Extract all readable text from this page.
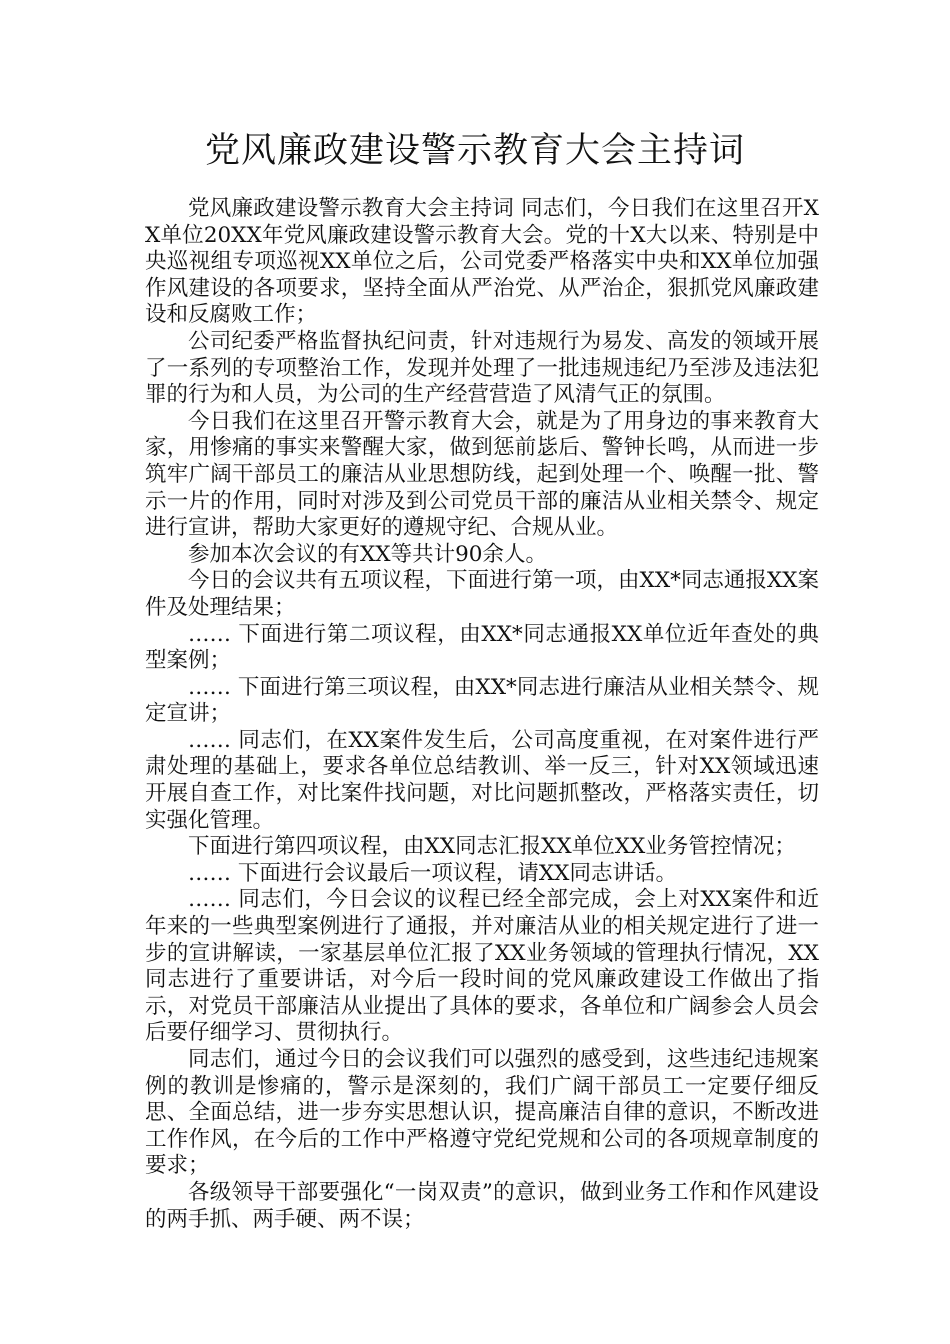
党风廉政建设警示教育大会主持词

党风廉政建设警示教育大会主持词 同志们，今日我们在这里召开XX单位20XX年党风廉政建设警示教育大会。党的十X大以来、特别是中央巡视组专项巡视XX单位之后，公司党委严格落实中央和XX单位加强作风建设的各项要求，坚持全面从严治党、从严治企，狠抓党风廉政建设和反腐败工作；

公司纪委严格监督执纪问责，针对违规行为易发、高发的领域开展了一系列的专项整治工作，发现并处理了一批违规违纪乃至涉及违法犯罪的行为和人员，为公司的生产经营营造了风清气正的氛围。

今日我们在这里召开警示教育大会，就是为了用身边的事来教育大家，用惨痛的事实来警醒大家，做到惩前毖后、警钟长鸣，从而进一步筑牢广阔干部员工的廉洁从业思想防线，起到处理一个、唤醒一批、警示一片的作用，同时对涉及到公司党员干部的廉洁从业相关禁令、规定进行宣讲，帮助大家更好的遵规守纪、合规从业。

参加本次会议的有XX等共计90余人。

今日的会议共有五项议程，下面进行第一项，由XX*同志通报XX案件及处理结果；

…… 下面进行第二项议程，由XX*同志通报XX单位近年查处的典型案例；

…… 下面进行第三项议程，由XX*同志进行廉洁从业相关禁令、规定宣讲；

…… 同志们，在XX案件发生后，公司高度重视，在对案件进行严肃处理的基础上，要求各单位总结教训、举一反三，针对XX领域迅速开展自查工作，对比案件找问题，对比问题抓整改，严格落实责任，切实强化管理。

下面进行第四项议程，由XX同志汇报XX单位XX业务管控情况；

…… 下面进行会议最后一项议程，请XX同志讲话。

…… 同志们，今日会议的议程已经全部完成，会上对XX案件和近年来的一些典型案例进行了通报，并对廉洁从业的相关规定进行了进一步的宣讲解读，一家基层单位汇报了XX业务领域的管理执行情况，XX同志进行了重要讲话，对今后一段时间的党风廉政建设工作做出了指示，对党员干部廉洁从业提出了具体的要求，各单位和广阔参会人员会后要仔细学习、贯彻执行。

同志们，通过今日的会议我们可以强烈的感受到，这些违纪违规案例的教训是惨痛的，警示是深刻的，我们广阔干部员工一定要仔细反思、全面总结，进一步夯实思想认识，提高廉洁自律的意识，不断改进工作作风，在今后的工作中严格遵守党纪党规和公司的各项规章制度的要求；

各级领导干部要强化“一岗双责”的意识，做到业务工作和作风建设的两手抓、两手硬、两不误；
